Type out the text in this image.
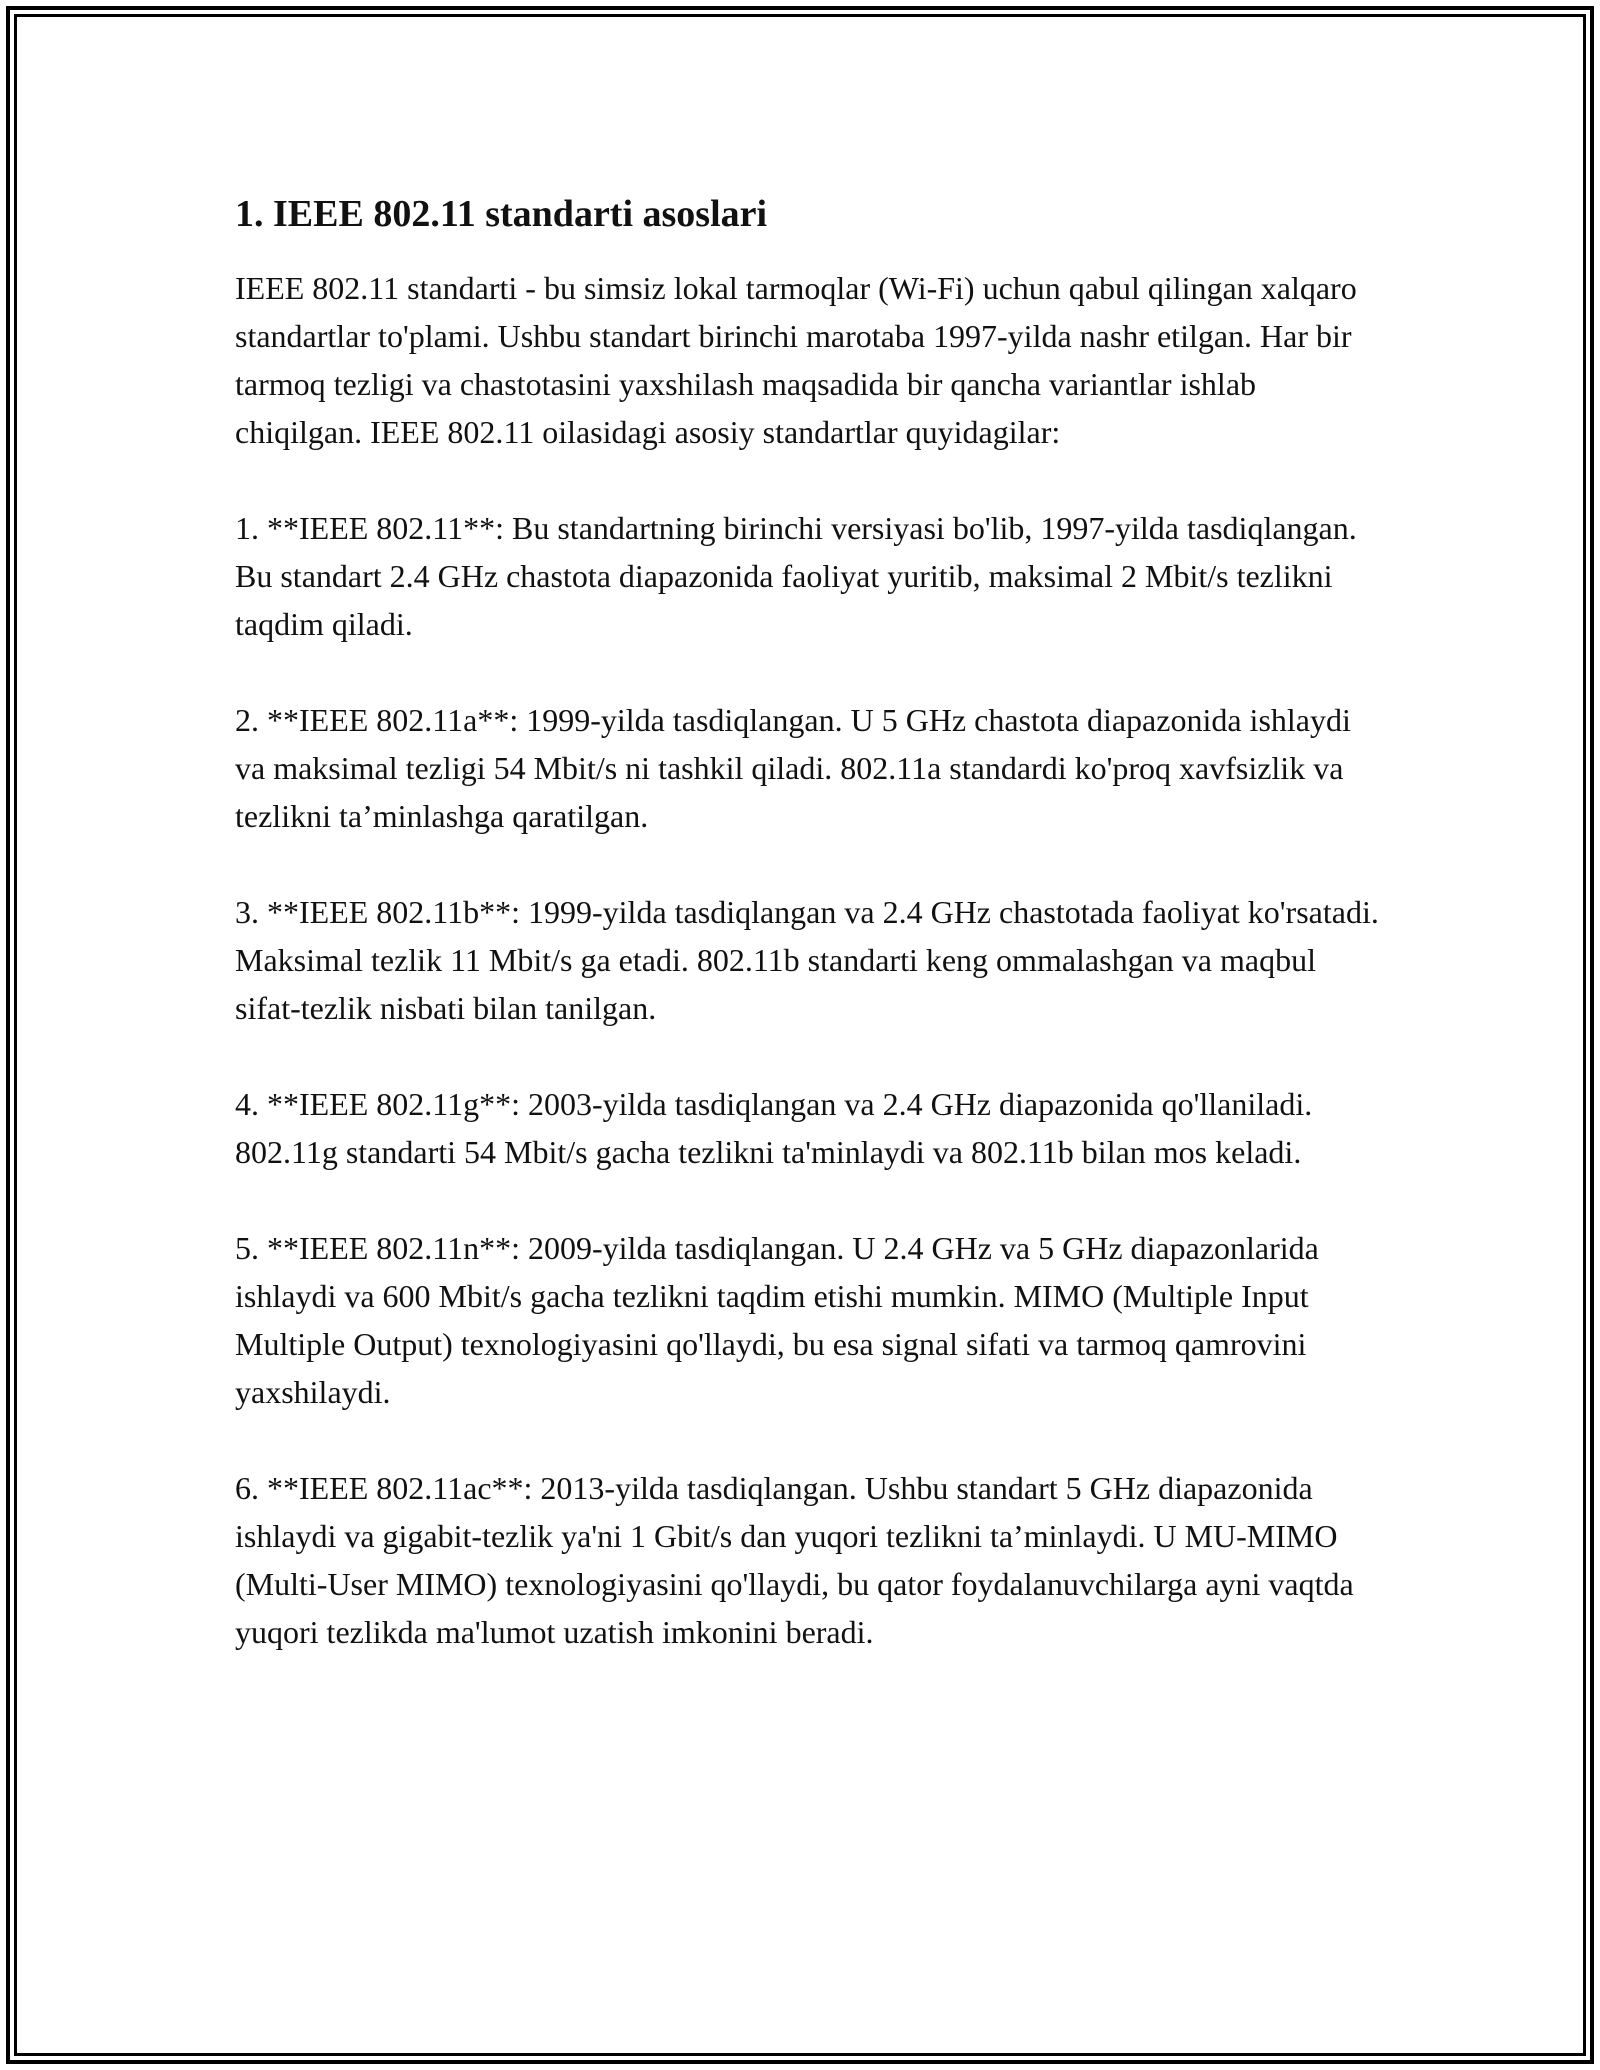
1. IEEE 802.11 standarti asoslari

IEEE 802.11 standarti - bu simsiz lokal tarmoqlar (Wi-Fi) uchun qabul qilingan xalqaro standartlar to'plami. Ushbu standart birinchi marotaba 1997-yilda nashr etilgan. Har bir tarmoq tezligi va chastotasini yaxshilash maqsadida bir qancha variantlar ishlab chiqilgan. IEEE 802.11 oilasidagi asosiy standartlar quyidagilar:

1. **IEEE 802.11**: Bu standartning birinchi versiyasi bo'lib, 1997-yilda tasdiqlangan. Bu standart 2.4 GHz chastota diapazonida faoliyat yuritib, maksimal 2 Mbit/s tezlikni taqdim qiladi.

2. **IEEE 802.11a**: 1999-yilda tasdiqlangan. U 5 GHz chastota diapazonida ishlaydi va maksimal tezligi 54 Mbit/s ni tashkil qiladi. 802.11a standardi ko'proq xavfsizlik va tezlikni ta’minlashga qaratilgan.

3. **IEEE 802.11b**: 1999-yilda tasdiqlangan va 2.4 GHz chastotada faoliyat ko'rsatadi. Maksimal tezlik 11 Mbit/s ga etadi. 802.11b standarti keng ommalashgan va maqbul sifat-tezlik nisbati bilan tanilgan.

4. **IEEE 802.11g**: 2003-yilda tasdiqlangan va 2.4 GHz diapazonida qo'llaniladi. 802.11g standarti 54 Mbit/s gacha tezlikni ta'minlaydi va 802.11b bilan mos keladi.

5. **IEEE 802.11n**: 2009-yilda tasdiqlangan. U 2.4 GHz va 5 GHz diapazonlarida ishlaydi va 600 Mbit/s gacha tezlikni taqdim etishi mumkin. MIMO (Multiple Input Multiple Output) texnologiyasini qo'llaydi, bu esa signal sifati va tarmoq qamrovini yaxshilaydi.

6. **IEEE 802.11ac**: 2013-yilda tasdiqlangan. Ushbu standart 5 GHz diapazonida ishlaydi va gigabit-tezlik ya'ni 1 Gbit/s dan yuqori tezlikni ta’minlaydi. U MU-MIMO (Multi-User MIMO) texnologiyasini qo'llaydi, bu qator foydalanuvchilarga ayni vaqtda yuqori tezlikda ma'lumot uzatish imkonini beradi.
